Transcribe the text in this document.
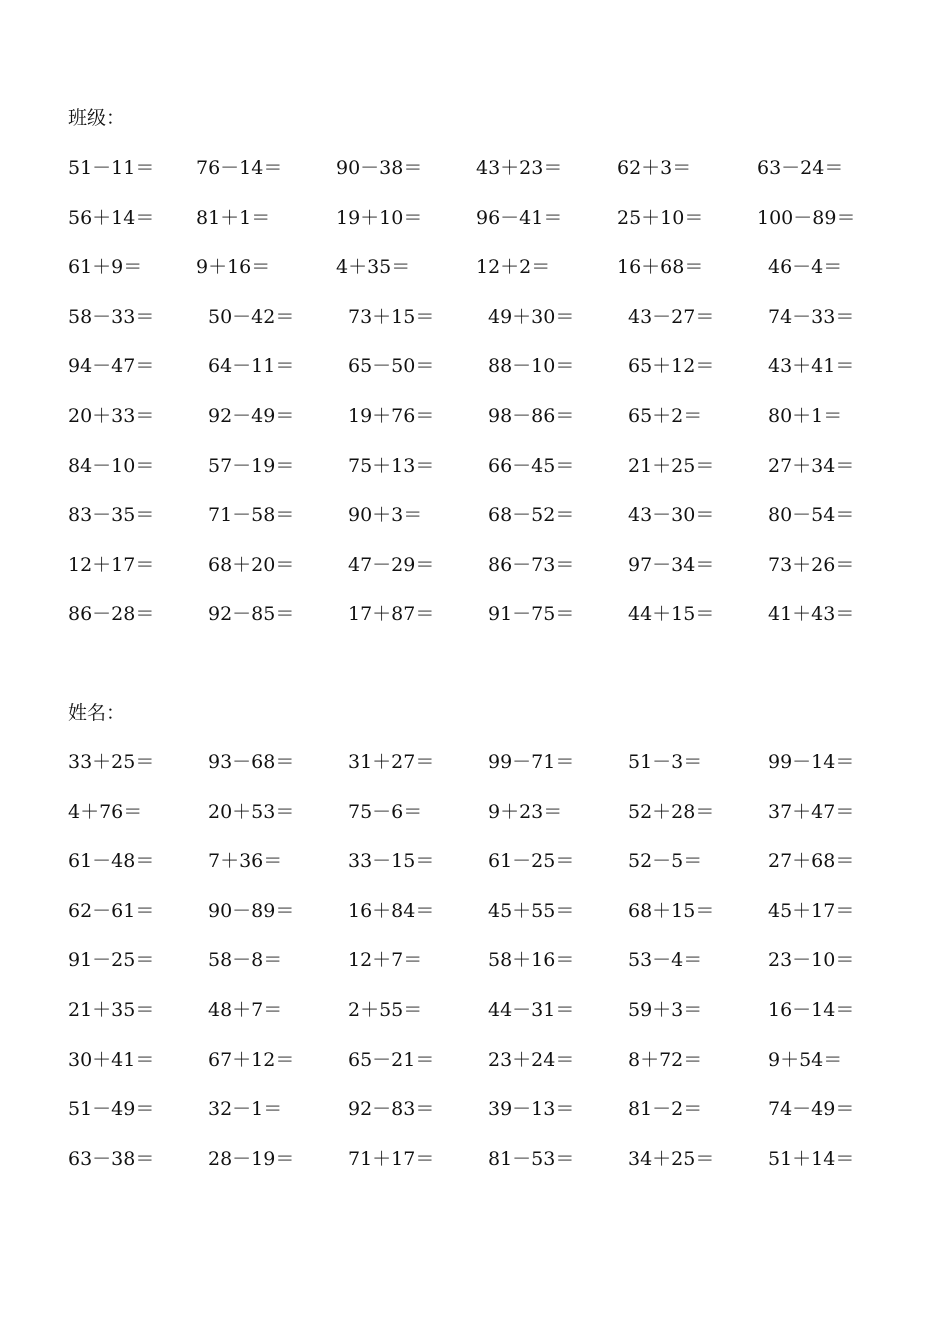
班级：
51－11＝ 76－14＝	90－38＝	43＋23＝	62＋3＝	63－24＝
56＋14＝ 81＋1＝	19＋10＝	96－41＝	25＋10＝	100－89＝
61＋9＝	9＋16＝	4＋35＝	12＋2＝	16＋68＝	46－4＝
58－33＝	50－42＝	73＋15＝	49＋30＝	43－27＝	74－33＝
94－47＝	64－11＝	65－50＝	88－10＝	65＋12＝	43＋41＝
20＋33＝	92－49＝	19＋76＝	98－86＝	65＋2＝	80＋1＝
84－10＝	57－19＝	75＋13＝	66－45＝	21＋25＝	27＋34＝
83－35＝	71－58＝	90＋3＝	68－52＝	43－30＝	80－54＝
12＋17＝	68＋20＝	47－29＝	86－73＝	97－34＝	73＋26＝
86－28＝	92－85＝	17＋87＝	91－75＝	44＋15＝	41＋43＝
姓名：
33＋25＝	93－68＝	31＋27＝	99－71＝	51－3＝	99－14＝
4＋76＝	20＋53＝	75－6＝	9＋23＝	52＋28＝	37＋47＝
61－48＝	7＋36＝	33－15＝	61－25＝	52－5＝	27＋68＝
62－61＝	90－89＝	16＋84＝	45＋55＝	68＋15＝	45＋17＝
91－25＝	58－8＝	12＋7＝	58＋16＝	53－4＝	23－10＝
21＋35＝	48＋7＝	2＋55＝	44－31＝	59＋3＝	16－14＝
30＋41＝	67＋12＝	65－21＝	23＋24＝	8＋72＝	9＋54＝
51－49＝	32－1＝	92－83＝	39－13＝	81－2＝	74－49＝
63－38＝	28－19＝	71＋17＝	81－53＝	34＋25＝	51＋14＝
